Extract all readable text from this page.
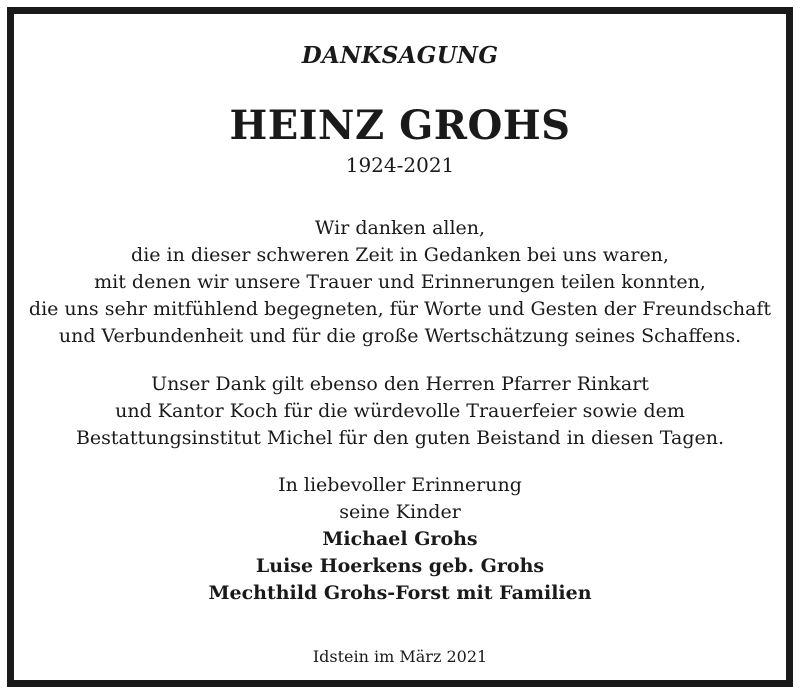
DANKSAGUNG
HEINZ GROHS
1924-2021
Wir danken allen,
die in dieser schweren Zeit in Gedanken bei uns waren,
mit denen wir unsere Trauer und Erinnerungen teilen konnten,
die uns sehr mitfühlend begegneten, für Worte und Gesten der Freundschaft
und Verbundenheit und für die große Wertschätzung seines Schaffens.
Unser Dank gilt ebenso den Herren Pfarrer Rinkart
und Kantor Koch für die würdevolle Trauerfeier sowie dem
Bestattungsinstitut Michel für den guten Beistand in diesen Tagen.
In liebevoller Erinnerung
seine Kinder
Michael Grohs
Luise Hoerkens geb. Grohs
Mechthild Grohs-Forst mit Familien
Idstein im März 2021
